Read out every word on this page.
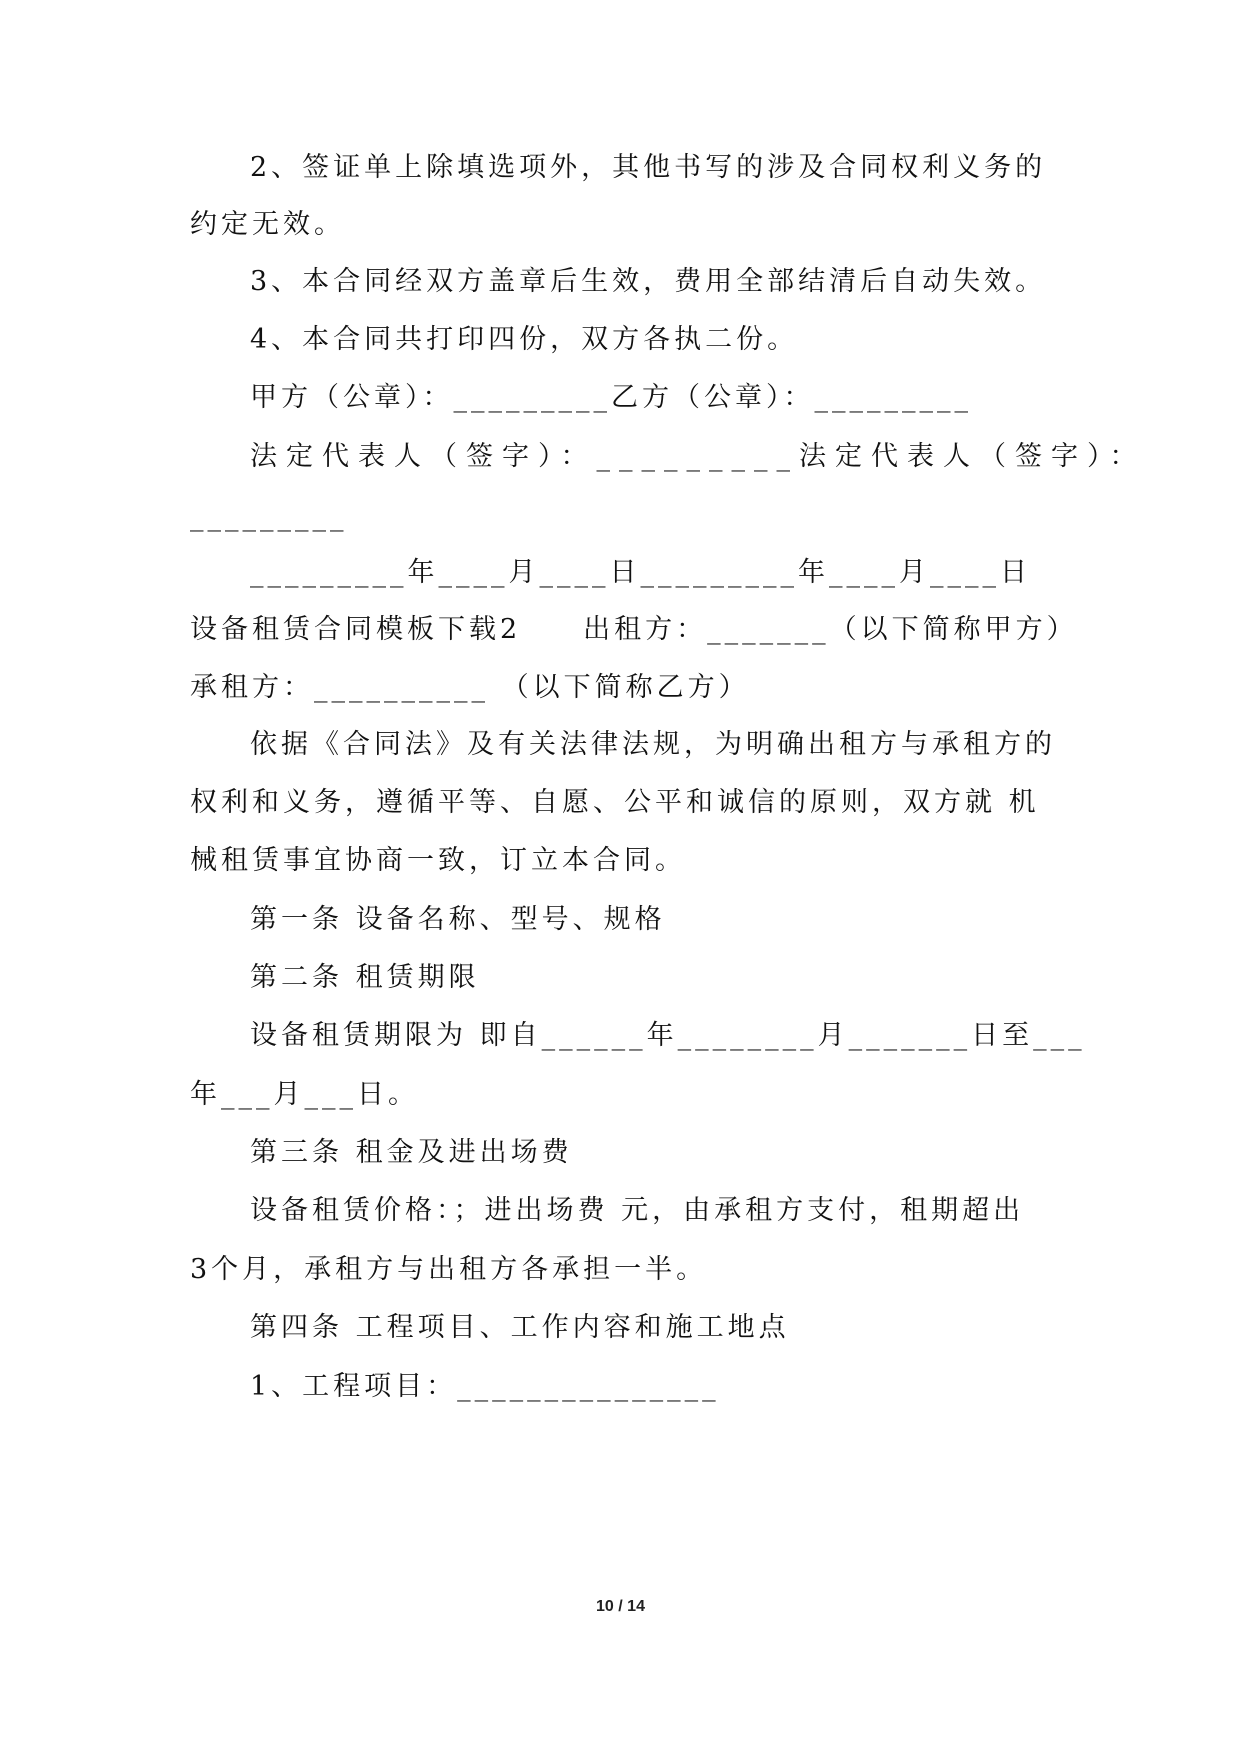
2、签证单上除填选项外，其他书写的涉及合同权利义务的
约定无效。
3、本合同经双方盖章后生效，费用全部结清后自动失效。
4、本合同共打印四份，双方各执二份。
甲方（公章）：_________乙方（公章）：_________
法定代表人（签字）：_________法定代表人（签字）：
_________
_________年____月____日_________年____月____日
设备租赁合同模板下载2　　出租方：_______（以下简称甲方）
承租方：__________ （以下简称乙方）
依据《合同法》及有关法律法规，为明确出租方与承租方的
权利和义务，遵循平等、自愿、公平和诚信的原则，双方就 机
械租赁事宜协商一致，订立本合同。
第一条 设备名称、型号、规格
第二条 租赁期限
设备租赁期限为 即自______年________月_______日至___
年___月___日。
第三条 租金及进出场费
设备租赁价格：；进出场费 元，由承租方支付，租期超出
3个月，承租方与出租方各承担一半。
第四条 工程项目、工作内容和施工地点
1、工程项目：_______________
10 / 14
